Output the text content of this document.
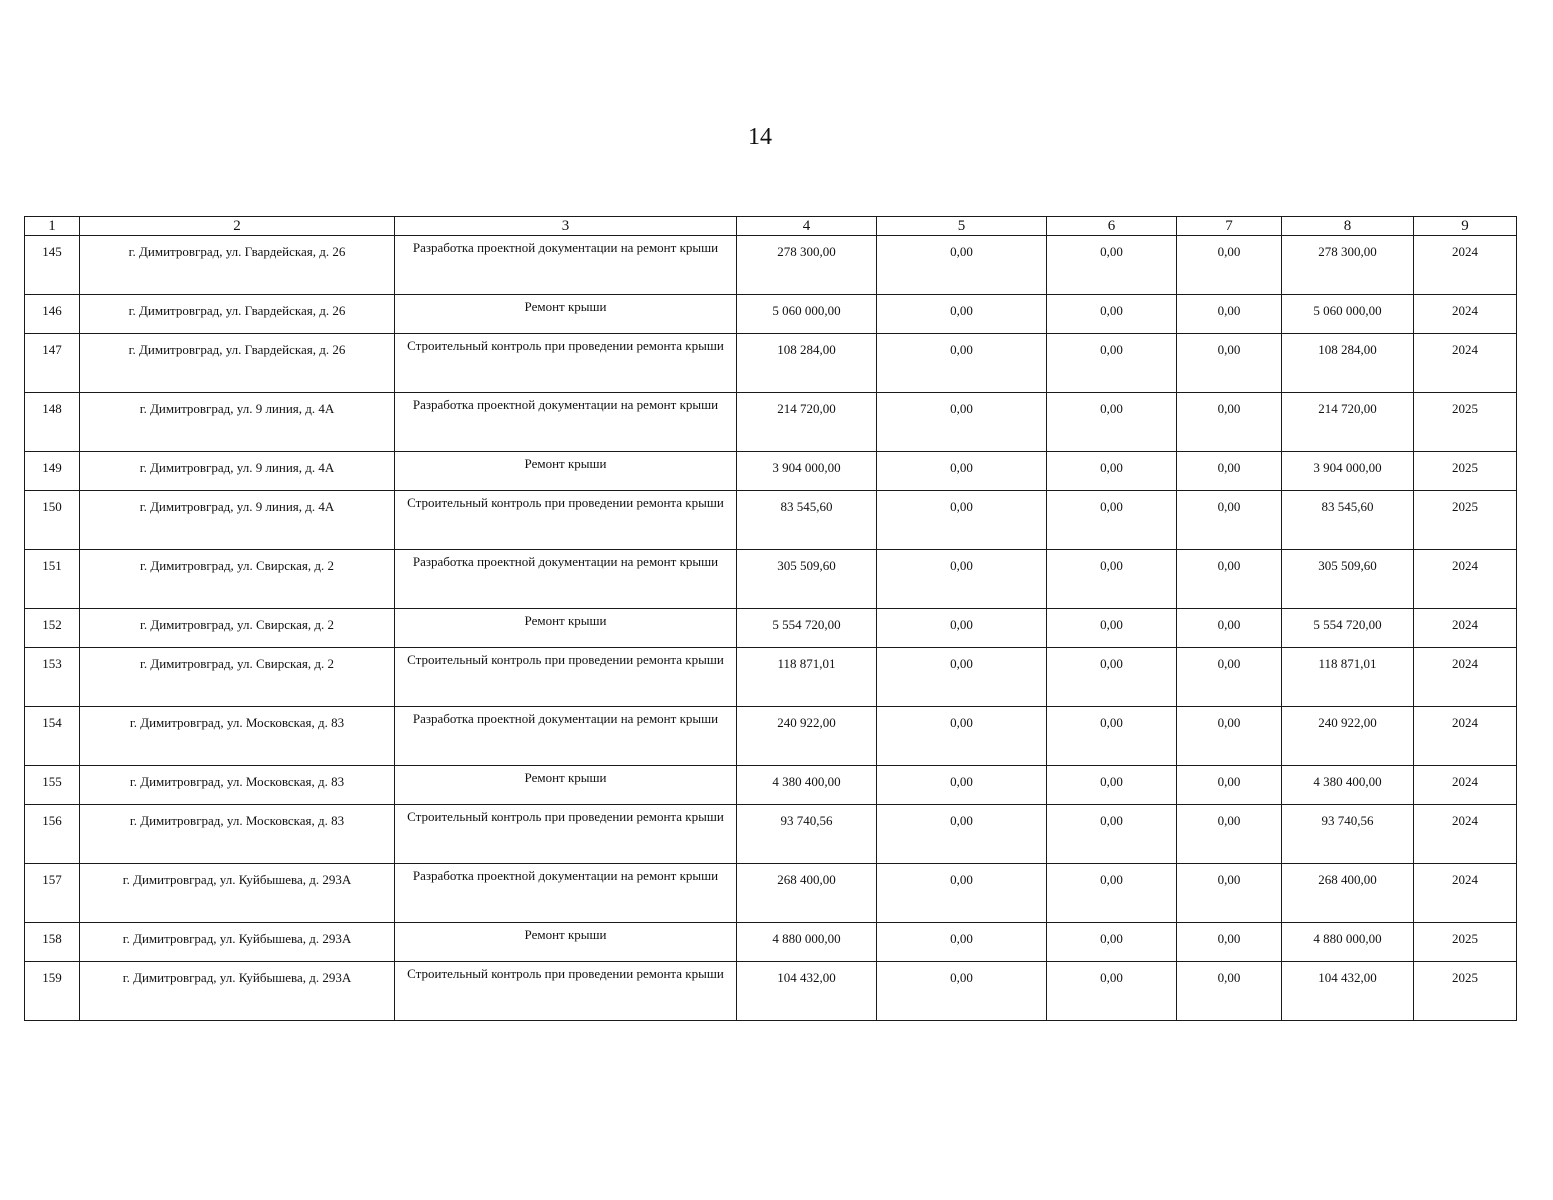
14
1	2	3	4	5	6	7	8	9
145	г. Димитровград, ул. Гвардейская, д. 26	Разработка проектной документации на ремонт крыши	278 300,00	0,00	0,00	0,00	278 300,00	2024
146	г. Димитровград, ул. Гвардейская, д. 26	Ремонт крыши	5 060 000,00	0,00	0,00	0,00	5 060 000,00	2024
147	г. Димитровград, ул. Гвардейская, д. 26	Строительный контроль при проведении ремонта крыши	108 284,00	0,00	0,00	0,00	108 284,00	2024
148	г. Димитровград, ул. 9 линия, д. 4А	Разработка проектной документации на ремонт крыши	214 720,00	0,00	0,00	0,00	214 720,00	2025
149	г. Димитровград, ул. 9 линия, д. 4А	Ремонт крыши	3 904 000,00	0,00	0,00	0,00	3 904 000,00	2025
150	г. Димитровград, ул. 9 линия, д. 4А	Строительный контроль при проведении ремонта крыши	83 545,60	0,00	0,00	0,00	83 545,60	2025
151	г. Димитровград, ул. Свирская, д. 2	Разработка проектной документации на ремонт крыши	305 509,60	0,00	0,00	0,00	305 509,60	2024
152	г. Димитровград, ул. Свирская, д. 2	Ремонт крыши	5 554 720,00	0,00	0,00	0,00	5 554 720,00	2024
153	г. Димитровград, ул. Свирская, д. 2	Строительный контроль при проведении ремонта крыши	118 871,01	0,00	0,00	0,00	118 871,01	2024
154	г. Димитровград, ул. Московская, д. 83	Разработка проектной документации на ремонт крыши	240 922,00	0,00	0,00	0,00	240 922,00	2024
155	г. Димитровград, ул. Московская, д. 83	Ремонт крыши	4 380 400,00	0,00	0,00	0,00	4 380 400,00	2024
156	г. Димитровград, ул. Московская, д. 83	Строительный контроль при проведении ремонта крыши	93 740,56	0,00	0,00	0,00	93 740,56	2024
157	г. Димитровград, ул. Куйбышева, д. 293А	Разработка проектной документации на ремонт крыши	268 400,00	0,00	0,00	0,00	268 400,00	2024
158	г. Димитровград, ул. Куйбышева, д. 293А	Ремонт крыши	4 880 000,00	0,00	0,00	0,00	4 880 000,00	2025
159	г. Димитровград, ул. Куйбышева, д. 293А	Строительный контроль при проведении ремонта крыши	104 432,00	0,00	0,00	0,00	104 432,00	2025
